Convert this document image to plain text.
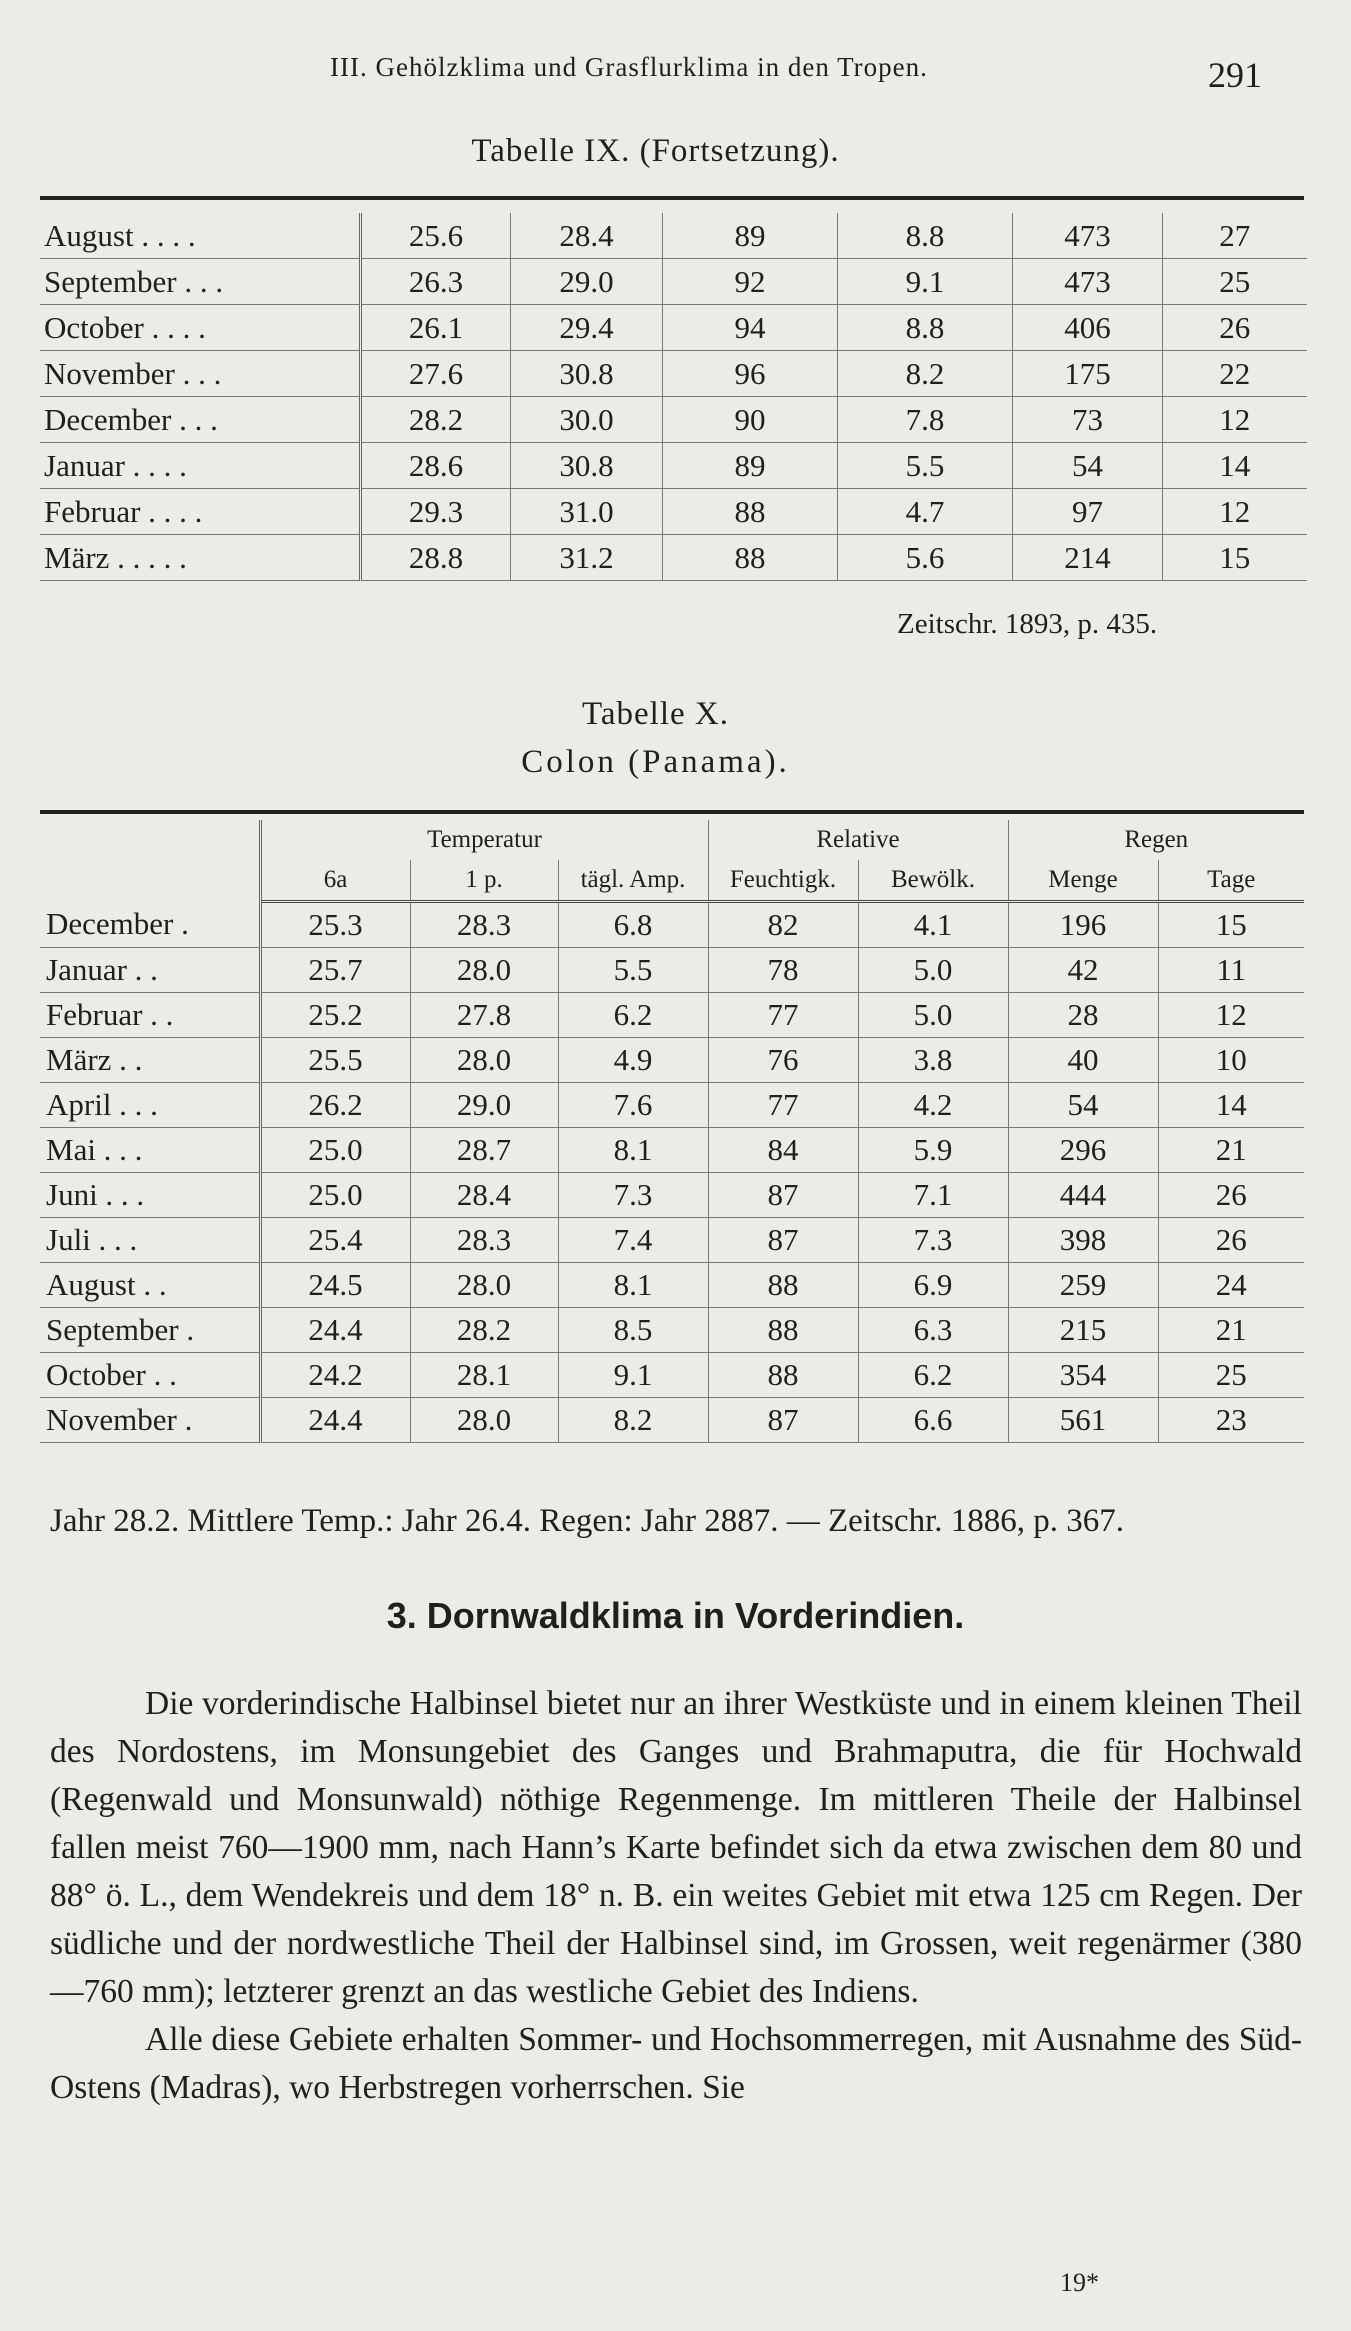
III. Gehölzklima und Grasflurklima in den Tropen.	291
Tabelle IX. (Fortsetzung).
August . . . .	25.6	28.4	89	8.8	473	27
September . . .	26.3	29.0	92	9.1	473	25
October . . . .	26.1	29.4	94	8.8	406	26
November . . .	27.6	30.8	96	8.2	175	22
December . . .	28.2	30.0	90	7.8	73	12
Januar . . . .	28.6	30.8	89	5.5	54	14
Februar . . . .	29.3	31.0	88	4.7	97	12
März . . . . .	28.8	31.2	88	5.6	214	15
Zeitschr. 1893, p. 435.
Tabelle X.
Colon (Panama).
	Temperatur			Relative		Regen	
	6a	1 p.	tägl. Amp.	Feuchtigk.	Bewölk.	Menge	Tage
December .	25.3	28.3	6.8	82	4.1	196	15
Januar . .	25.7	28.0	5.5	78	5.0	42	11
Februar . .	25.2	27.8	6.2	77	5.0	28	12
März . .	25.5	28.0	4.9	76	3.8	40	10
April . . .	26.2	29.0	7.6	77	4.2	54	14
Mai . . .	25.0	28.7	8.1	84	5.9	296	21
Juni . . .	25.0	28.4	7.3	87	7.1	444	26
Juli . . .	25.4	28.3	7.4	87	7.3	398	26
August . .	24.5	28.0	8.1	88	6.9	259	24
September .	24.4	28.2	8.5	88	6.3	215	21
October . .	24.2	28.1	9.1	88	6.2	354	25
November .	24.4	28.0	8.2	87	6.6	561	23
Jahr 28.2. Mittlere Temp.: Jahr 26.4. Regen: Jahr 2887. — Zeitschr. 1886, p. 367.
3. Dornwaldklima in Vorderindien.

Die vorderindische Halbinsel bietet nur an ihrer Westküste und in einem kleinen Theil des Nordostens, im Monsungebiet des Ganges und Brahmaputra, die für Hochwald (Regenwald und Monsunwald) nöthige Regenmenge. Im mittleren Theile der Halbinsel fallen meist 760—1900 mm, nach Hann’s Karte befindet sich da etwa zwischen dem 80 und 88° ö. L., dem Wendekreis und dem 18° n. B. ein weites Gebiet mit etwa 125 cm Regen. Der südliche und der nordwestliche Theil der Halbinsel sind, im Grossen, weit regenärmer (380—760 mm); letzterer grenzt an das westliche Gebiet des Indiens.

Alle diese Gebiete erhalten Sommer- und Hochsommerregen, mit Ausnahme des Süd-Ostens (Madras), wo Herbstregen vorherrschen. Sie

19*
